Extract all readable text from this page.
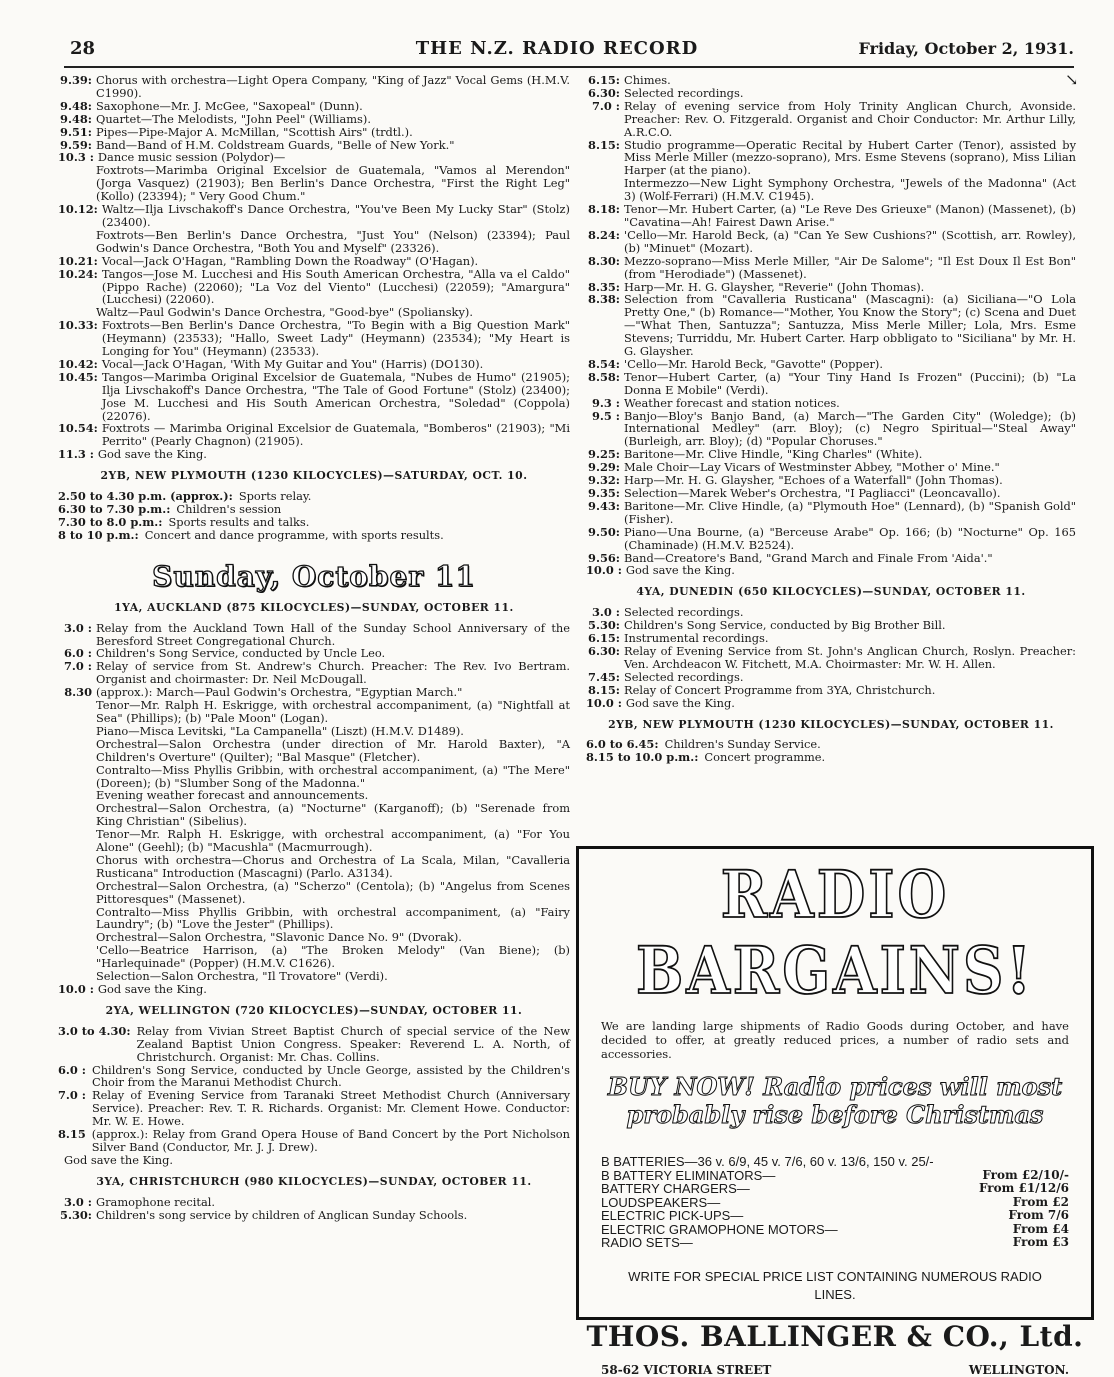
28	THE N.Z. RADIO RECORD	Friday, October 2, 1931.
↘
9.39: Chorus with orchestra—Light Opera Company, "King of Jazz" Vocal Gems (H.M.V. C1990).
9.48: Saxophone—Mr. J. McGee, "Saxopeal" (Dunn).
9.48: Quartet—The Melodists, "John Peel" (Williams).
9.51: Pipes—Pipe-Major A. McMillan, "Scottish Airs" (trdtl.).
9.59: Band—Band of H.M. Coldstream Guards, "Belle of New York."
10.3 : Dance music session (Polydor)—
Foxtrots—Marimba Original Excelsior de Guatemala, "Vamos al Merendon" (Jorga Vasquez) (21903); Ben Berlin's Dance Orchestra, "First the Right Leg" (Kollo) (23394); " Very Good Chum."
10.12: Waltz—Ilja Livschakoff's Dance Orchestra, "You've Been My Lucky Star" (Stolz) (23400).
Foxtrots—Ben Berlin's Dance Orchestra, "Just You" (Nelson) (23394); Paul Godwin's Dance Orchestra, "Both You and Myself" (23326).
10.21: Vocal—Jack O'Hagan, "Rambling Down the Roadway" (O'Hagan).
10.24: Tangos—Jose M. Lucchesi and His South American Orchestra, "Alla va el Caldo" (Pippo Rache) (22060); "La Voz del Viento" (Lucchesi) (22059); "Amargura" (Lucchesi) (22060).
Waltz—Paul Godwin's Dance Orchestra, "Good-bye" (Spoliansky).
10.33: Foxtrots—Ben Berlin's Dance Orchestra, "To Begin with a Big Question Mark" (Heymann) (23533); "Hallo, Sweet Lady" (Heymann) (23534); "My Heart is Longing for You" (Heymann) (23533).
10.42: Vocal—Jack O'Hagan, 'With My Guitar and You" (Harris) (DO130).
10.45: Tangos—Marimba Original Excelsior de Guatemala, "Nubes de Humo" (21905); Ilja Livschakoff's Dance Orchestra, "The Tale of Good Fortune" (Stolz) (23400); Jose M. Lucchesi and His South American Orchestra, "Soledad" (Coppola) (22076).
10.54: Foxtrots — Marimba Original Excelsior de Guatemala, "Bomberos" (21903); "Mi Perrito" (Pearly Chagnon) (21905).
11.3 : God save the King.
2YB, NEW PLYMOUTH (1230 KILOCYCLES)—SATURDAY, OCT. 10.
2.50 to 4.30 p.m. (approx.): Sports relay.
6.30 to 7.30 p.m.: Children's session
7.30 to 8.0 p.m.: Sports results and talks.
8 to 10 p.m.: Concert and dance programme, with sports results.
Sunday, October 11
1YA, AUCKLAND (875 KILOCYCLES)—SUNDAY, OCTOBER 11.
3.0 : Relay from the Auckland Town Hall of the Sunday School Anniversary of the Beresford Street Congregational Church.
6.0 : Children's Song Service, conducted by Uncle Leo.
7.0 : Relay of service from St. Andrew's Church. Preacher: The Rev. Ivo Bertram. Organist and choirmaster: Dr. Neil McDougall.
8.30 (approx.): March—Paul Godwin's Orchestra, "Egyptian March."
Tenor—Mr. Ralph H. Eskrigge, with orchestral accompaniment, (a) "Nightfall at Sea" (Phillips); (b) "Pale Moon" (Logan).
Piano—Misca Levitski, "La Campanella" (Liszt) (H.M.V. D1489).
Orchestral—Salon Orchestra (under direction of Mr. Harold Baxter), "A Children's Overture" (Quilter); "Bal Masque" (Fletcher).
Contralto—Miss Phyllis Gribbin, with orchestral accompaniment, (a) "The Mere" (Doreen); (b) "Slumber Song of the Madonna."
Evening weather forecast and announcements.
Orchestral—Salon Orchestra, (a) "Nocturne" (Karganoff); (b) "Serenade from King Christian" (Sibelius).
Tenor—Mr. Ralph H. Eskrigge, with orchestral accompaniment, (a) "For You Alone" (Geehl); (b) "Macushla" (Macmurrough).
Chorus with orchestra—Chorus and Orchestra of La Scala, Milan, "Cavalleria Rusticana" Introduction (Mascagni) (Parlo. A3134).
Orchestral—Salon Orchestra, (a) "Scherzo" (Centola); (b) "Angelus from Scenes Pittoresques" (Massenet).
Contralto—Miss Phyllis Gribbin, with orchestral accompaniment, (a) "Fairy Laundry"; (b) "Love the Jester" (Phillips).
Orchestral—Salon Orchestra, "Slavonic Dance No. 9" (Dvorak).
'Cello—Beatrice Harrison, (a) "The Broken Melody" (Van Biene); (b) "Harlequinade" (Popper) (H.M.V. C1626).
Selection—Salon Orchestra, "Il Trovatore" (Verdi).
10.0 : God save the King.
2YA, WELLINGTON (720 KILOCYCLES)—SUNDAY, OCTOBER 11.
3.0 to 4.30: Relay from Vivian Street Baptist Church of special service of the New Zealand Baptist Union Congress. Speaker: Reverend L. A. North, of Christchurch. Organist: Mr. Chas. Collins.
6.0 : Children's Song Service, conducted by Uncle George, assisted by the Children's Choir from the Maranui Methodist Church.
7.0 : Relay of Evening Service from Taranaki Street Methodist Church (Anniversary Service). Preacher: Rev. T. R. Richards. Organist: Mr. Clement Howe. Conductor: Mr. W. E. Howe.
8.15 (approx.): Relay from Grand Opera House of Band Concert by the Port Nicholson Silver Band (Conductor, Mr. J. J. Drew).
God save the King.
3YA, CHRISTCHURCH (980 KILOCYCLES)—SUNDAY, OCTOBER 11.
3.0 : Gramophone recital.
5.30: Children's song service by children of Anglican Sunday Schools.
6.15: Chimes.
6.30: Selected recordings.
7.0 : Relay of evening service from Holy Trinity Anglican Church, Avonside. Preacher: Rev. O. Fitzgerald. Organist and Choir Conductor: Mr. Arthur Lilly, A.R.C.O.
8.15: Studio programme—Operatic Recital by Hubert Carter (Tenor), assisted by Miss Merle Miller (mezzo-soprano), Mrs. Esme Stevens (soprano), Miss Lilian Harper (at the piano).
Intermezzo—New Light Symphony Orchestra, "Jewels of the Madonna" (Act 3) (Wolf-Ferrari) (H.M.V. C1945).
8.18: Tenor—Mr. Hubert Carter, (a) "Le Reve Des Grieuxe" (Manon) (Massenet), (b) "Cavatina—Ah! Fairest Dawn Arise."
8.24: 'Cello—Mr. Harold Beck, (a) "Can Ye Sew Cushions?" (Scottish, arr. Rowley), (b) "Minuet" (Mozart).
8.30: Mezzo-soprano—Miss Merle Miller, "Air De Salome"; "Il Est Doux Il Est Bon" (from "Herodiade") (Massenet).
8.35: Harp—Mr. H. G. Glaysher, "Reverie" (John Thomas).
8.38: Selection from "Cavalleria Rusticana" (Mascagni): (a) Siciliana—"O Lola Pretty One," (b) Romance—"Mother, You Know the Story"; (c) Scena and Duet—"What Then, Santuzza"; Santuzza, Miss Merle Miller; Lola, Mrs. Esme Stevens; Turriddu, Mr. Hubert Carter. Harp obbligato to "Siciliana" by Mr. H. G. Glaysher.
8.54: 'Cello—Mr. Harold Beck, "Gavotte" (Popper).
8.58: Tenor—Hubert Carter, (a) "Your Tiny Hand Is Frozen" (Puccini); (b) "La Donna E Mobile" (Verdi).
9.3 : Weather forecast and station notices.
9.5 : Banjo—Bloy's Banjo Band, (a) March—"The Garden City" (Woledge); (b) International Medley" (arr. Bloy); (c) Negro Spiritual—"Steal Away" (Burleigh, arr. Bloy); (d) "Popular Choruses."
9.25: Baritone—Mr. Clive Hindle, "King Charles" (White).
9.29: Male Choir—Lay Vicars of Westminster Abbey, "Mother o' Mine."
9.32: Harp—Mr. H. G. Glaysher, "Echoes of a Waterfall" (John Thomas).
9.35: Selection—Marek Weber's Orchestra, "I Pagliacci" (Leoncavallo).
9.43: Baritone—Mr. Clive Hindle, (a) "Plymouth Hoe" (Lennard), (b) "Spanish Gold" (Fisher).
9.50: Piano—Una Bourne, (a) "Berceuse Arabe" Op. 166; (b) "Nocturne" Op. 165 (Chaminade) (H.M.V. B2524).
9.56: Band—Creatore's Band, "Grand March and Finale From 'Aida'."
10.0 : God save the King.
4YA, DUNEDIN (650 KILOCYCLES)—SUNDAY, OCTOBER 11.
3.0 : Selected recordings.
5.30: Children's Song Service, conducted by Big Brother Bill.
6.15: Instrumental recordings.
6.30: Relay of Evening Service from St. John's Anglican Church, Roslyn. Preacher: Ven. Archdeacon W. Fitchett, M.A. Choirmaster: Mr. W. H. Allen.
7.45: Selected recordings.
8.15: Relay of Concert Programme from 3YA, Christchurch.
10.0 : God save the King.
2YB, NEW PLYMOUTH (1230 KILOCYCLES)—SUNDAY, OCTOBER 11.
6.0 to 6.45: Children's Sunday Service.
8.15 to 10.0 p.m.: Concert programme.
RADIO BARGAINS!
We are landing large shipments of Radio Goods during October, and have decided to offer, at greatly reduced prices, a number of radio sets and accessories.
BUY NOW! Radio prices will most
probably rise before Christmas
B BATTERIES—36 v. 6/9, 45 v. 7/6, 60 v. 13/6, 150 v. 25/-
B BATTERY ELIMINATORS—	From £2/10/-
BATTERY CHARGERS—	From £1/12/6
LOUDSPEAKERS—	From £2
ELECTRIC PICK-UPS—	From 7/6
ELECTRIC GRAMOPHONE MOTORS—	From £4
RADIO SETS—	From £3
WRITE FOR SPECIAL PRICE LIST CONTAINING NUMEROUS RADIO LINES.
THOS. BALLINGER & CO., Ltd.
58-62 VICTORIA STREET	WELLINGTON.
